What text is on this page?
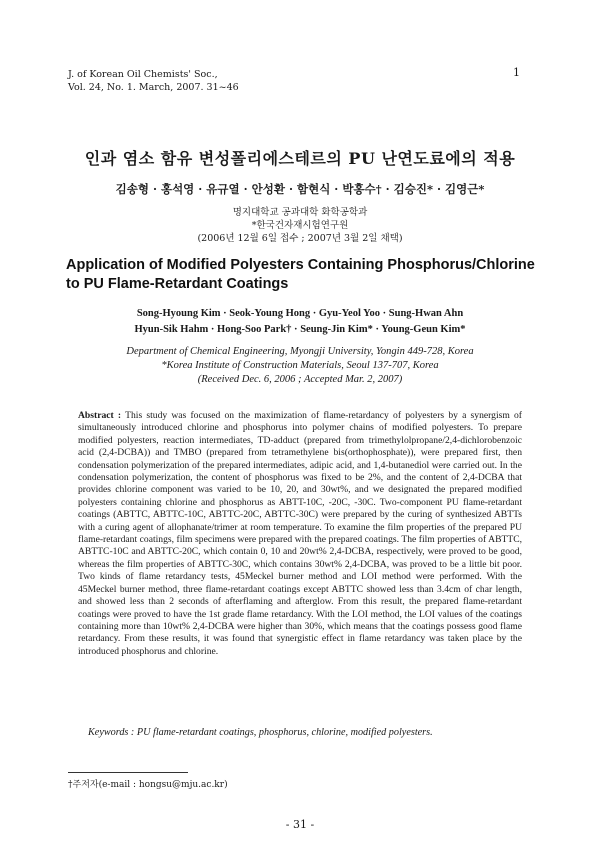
J. of Korean Oil Chemists' Soc.,
Vol. 24, No. 1. March, 2007. 31~46
1
인과 염소 함유 변성폴리에스테르의 PU 난연도료에의 적용
김송형 · 홍석영 · 유규열 · 안성환 · 함현식 · 박홍수† · 김승진* · 김영근*
명지대학교 공과대학 화학공학과
*한국건자재시험연구원
(2006년 12월 6일 접수 ; 2007년 3월 2일 채택)
Application of Modified Polyesters Containing Phosphorus/Chlorine
to PU Flame-Retardant Coatings
Song-Hyoung Kim · Seok-Young Hong · Gyu-Yeol Yoo · Sung-Hwan Ahn
Hyun-Sik Hahm · Hong-Soo Park† · Seung-Jin Kim* · Young-Geun Kim*
Department of Chemical Engineering, Myongji University, Yongin 449-728, Korea
*Korea Institute of Construction Materials, Seoul 137-707, Korea
(Received Dec. 6, 2006 ; Accepted Mar. 2, 2007)
Abstract : This study was focused on the maximization of flame-retardancy of polyesters by a synergism of simultaneously introduced chlorine and phosphorus into polymer chains of modified polyesters. To prepare modified polyesters, reaction intermediates, TD-adduct (prepared from trimethylolpropane/2,4-dichlorobenzoic acid (2,4-DCBA)) and TMBO (prepared from tetramethylene bis(orthophosphate)), were prepared first, then condensation polymerization of the prepared intermediates, adipic acid, and 1,4-butanediol were carried out. In the condensation polymerization, the content of phosphorus was fixed to be 2%, and the content of 2,4-DCBA that provides chlorine component was varied to be 10, 20, and 30wt%, and we designated the prepared modified polyesters containing chlorine and phosphorus as ABTT-10C, -20C, -30C. Two-component PU flame-retardant coatings (ABTTC, ABTTC-10C, ABTTC-20C, ABTTC-30C) were prepared by the curing of synthesized ABTTs with a curing agent of allophanate/trimer at room temperature. To examine the film properties of the prepared PU flame-retardant coatings, film specimens were prepared with the prepared coatings. The film properties of ABTTC, ABTTC-10C and ABTTC-20C, which contain 0, 10 and 20wt% 2,4-DCBA, respectively, were proved to be good, whereas the film properties of ABTTC-30C, which contains 30wt% 2,4-DCBA, was proved to be a little bit poor. Two kinds of flame retardancy tests, 45Meckel burner method and LOI method were performed. With the 45Meckel burner method, three flame-retardant coatings except ABTTC showed less than 3.4cm of char length, and showed less than 2 seconds of afterflaming and afterglow. From this result, the prepared flame-retardant coatings were proved to have the 1st grade flame retardancy. With the LOI method, the LOI values of the coatings containing more than 10wt% 2,4-DCBA were higher than 30%, which means that the coatings possess good flame retardancy. From these results, it was found that synergistic effect in flame retardancy was taken place by the introduced phosphorus and chlorine.
Keywords : PU flame-retardant coatings, phosphorus, chlorine, modified polyesters.
†주저자(e-mail : hongsu@mju.ac.kr)
- 31 -
